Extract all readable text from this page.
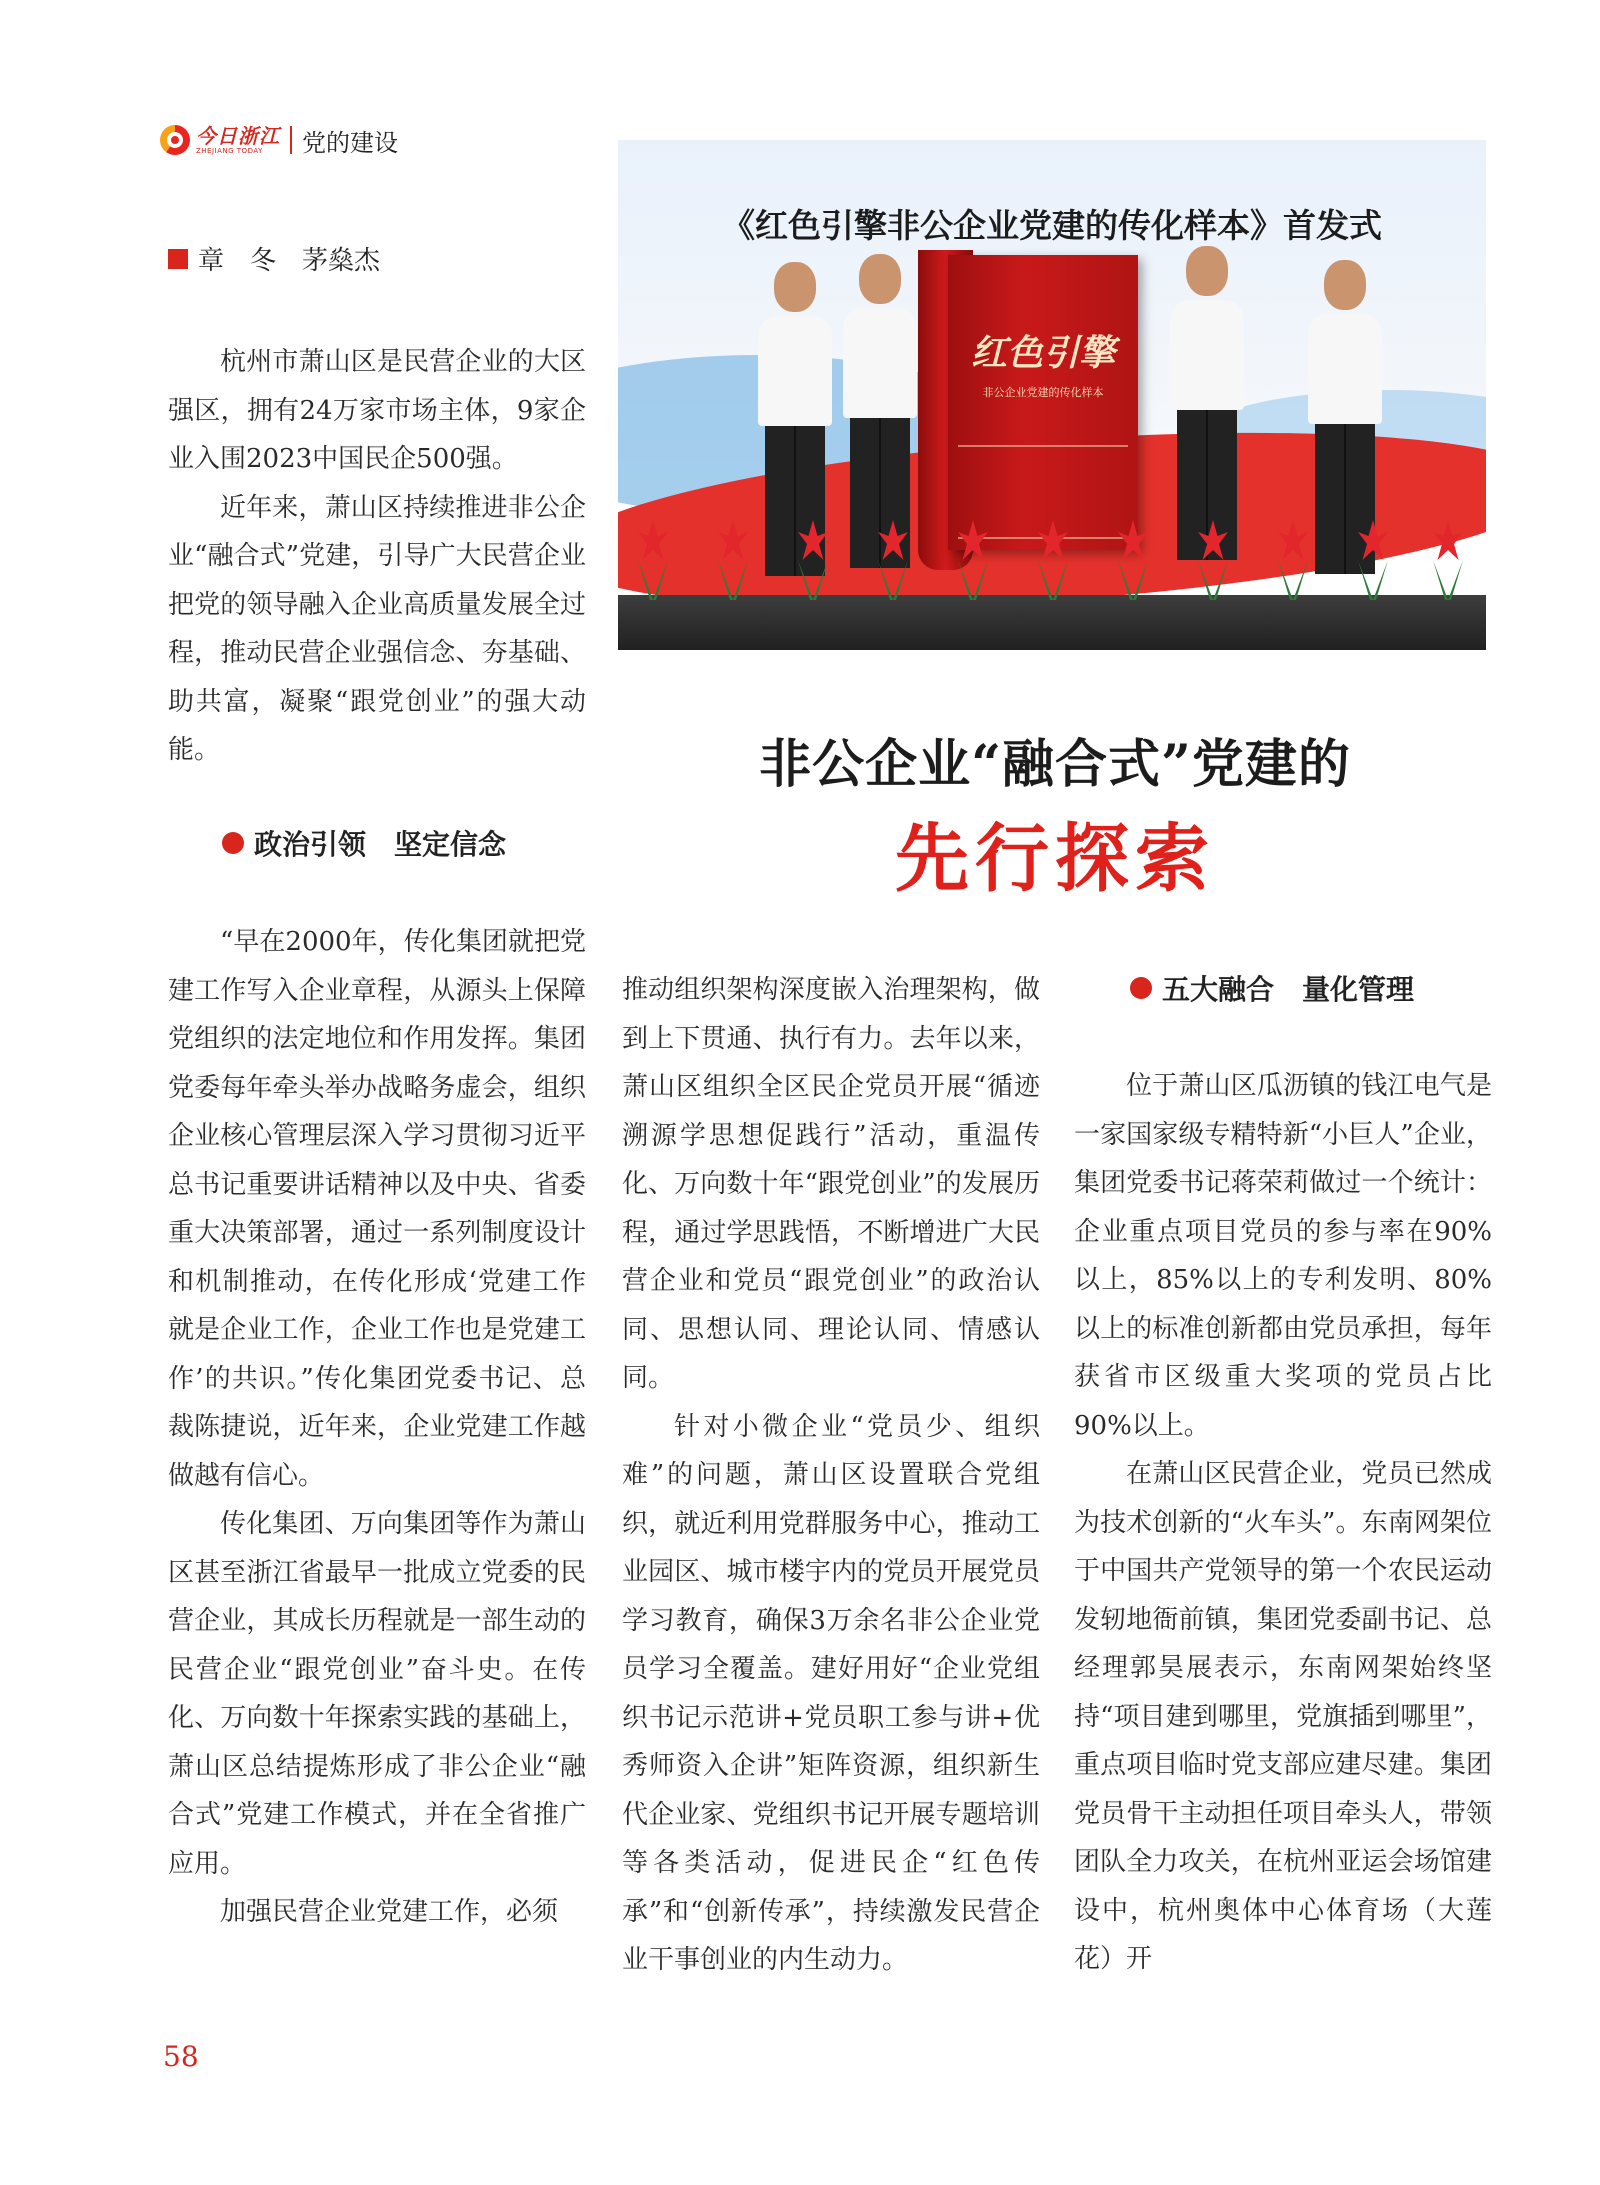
今日浙江
ZHEJIANG TODAY	党的建设
章　冬　茅燊杰
《红色引擎非公企业党建的传化样本》首发式
红色引擎
非公企业党建的传化样本
非公企业“融合式”党建的
先行探索

杭州市萧山区是民营企业的大区强区，拥有24万家市场主体，9家企业入围2023中国民企500强。

近年来，萧山区持续推进非公企业“融合式”党建，引导广大民营企业把党的领导融入企业高质量发展全过程，推动民营企业强信念、夯基础、助共富，凝聚“跟党创业”的强大动能。

政治引领　坚定信念

“早在2000年，传化集团就把党建工作写入企业章程，从源头上保障党组织的法定地位和作用发挥。集团党委每年牵头举办战略务虚会，组织企业核心管理层深入学习贯彻习近平总书记重要讲话精神以及中央、省委重大决策部署，通过一系列制度设计和机制推动，在传化形成‘党建工作就是企业工作，企业工作也是党建工作’的共识。”传化集团党委书记、总裁陈捷说，近年来，企业党建工作越做越有信心。

传化集团、万向集团等作为萧山区甚至浙江省最早一批成立党委的民营企业，其成长历程就是一部生动的民营企业“跟党创业”奋斗史。在传化、万向数十年探索实践的基础上，萧山区总结提炼形成了非公企业“融合式”党建工作模式，并在全省推广应用。

加强民营企业党建工作，必须

推动组织架构深度嵌入治理架构，做到上下贯通、执行有力。去年以来，萧山区组织全区民企党员开展“循迹溯源学思想促践行”活动，重温传化、万向数十年“跟党创业”的发展历程，通过学思践悟，不断增进广大民营企业和党员“跟党创业”的政治认同、思想认同、理论认同、情感认同。

针对小微企业“党员少、组织难”的问题，萧山区设置联合党组织，就近利用党群服务中心，推动工业园区、城市楼宇内的党员开展党员学习教育，确保3万余名非公企业党员学习全覆盖。建好用好“企业党组织书记示范讲+党员职工参与讲+优秀师资入企讲”矩阵资源，组织新生代企业家、党组织书记开展专题培训等各类活动，促进民企“红色传承”和“创新传承”，持续激发民营企业干事创业的内生动力。

五大融合　量化管理

位于萧山区瓜沥镇的钱江电气是一家国家级专精特新“小巨人”企业，集团党委书记蒋荣莉做过一个统计：企业重点项目党员的参与率在90%以上，85%以上的专利发明、80%以上的标准创新都由党员承担，每年获省市区级重大奖项的党员占比90%以上。

在萧山区民营企业，党员已然成为技术创新的“火车头”。东南网架位于中国共产党领导的第一个农民运动发轫地衙前镇，集团党委副书记、总经理郭昊展表示，东南网架始终坚持“项目建到哪里，党旗插到哪里”，重点项目临时党支部应建尽建。集团党员骨干主动担任项目牵头人，带领团队全力攻关，在杭州亚运会场馆建设中，杭州奥体中心体育场（大莲花）开

58
